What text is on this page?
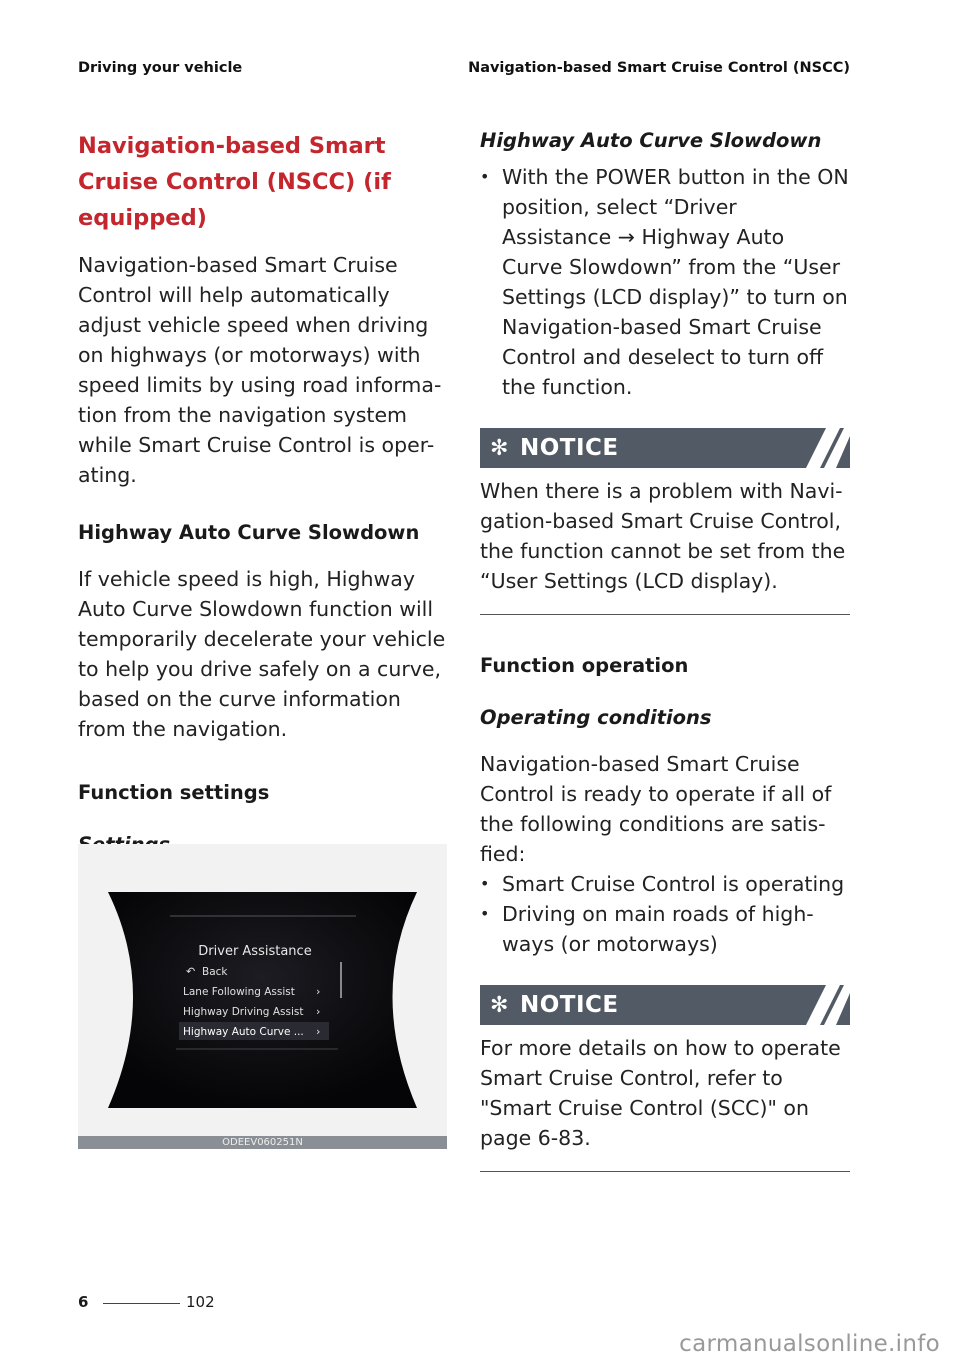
Driving your vehicle	Navigation-based Smart Cruise Control (NSCC)
Navigation-based Smart Cruise Control (NSCC) (if equipped)

Navigation-based Smart Cruise Control will help automatically adjust vehicle speed when driving on highways (or motorways) with speed limits by using road informa-tion from the navigation system while Smart Cruise Control is oper-ating.

Highway Auto Curve Slowdown

If vehicle speed is high, Highway Auto Curve Slowdown function will temporarily decelerate your vehicle to help you drive safely on a curve, based on the curve information from the navigation.

Function settings
Driver Assistance
↶ Back
Lane Following Assist ›
Highway Driving Assist ›
Highway Auto Curve ... ›
ODEEV060251N
Highway Auto Curve Slowdown
• With the POWER button in the ON position, select “Driver Assistance → Highway Auto Curve Slowdown” from the “User Settings (LCD display)” to turn on Navigation-based Smart Cruise Control and deselect to turn off the function.
✻ NOTICE

When there is a problem with Navi-gation-based Smart Cruise Control, the function cannot be set from the “User Settings (LCD display).

Function operation
Operating conditions

Navigation-based Smart Cruise Control is ready to operate if all of the following conditions are satis-fied:

• Smart Cruise Control is operating
• Driving on main roads of high-ways (or motorways)
✻ NOTICE

For more details on how to operate Smart Cruise Control, refer to "Smart Cruise Control (SCC)" on page 6-83.

6	102
carmanualsonline.info
